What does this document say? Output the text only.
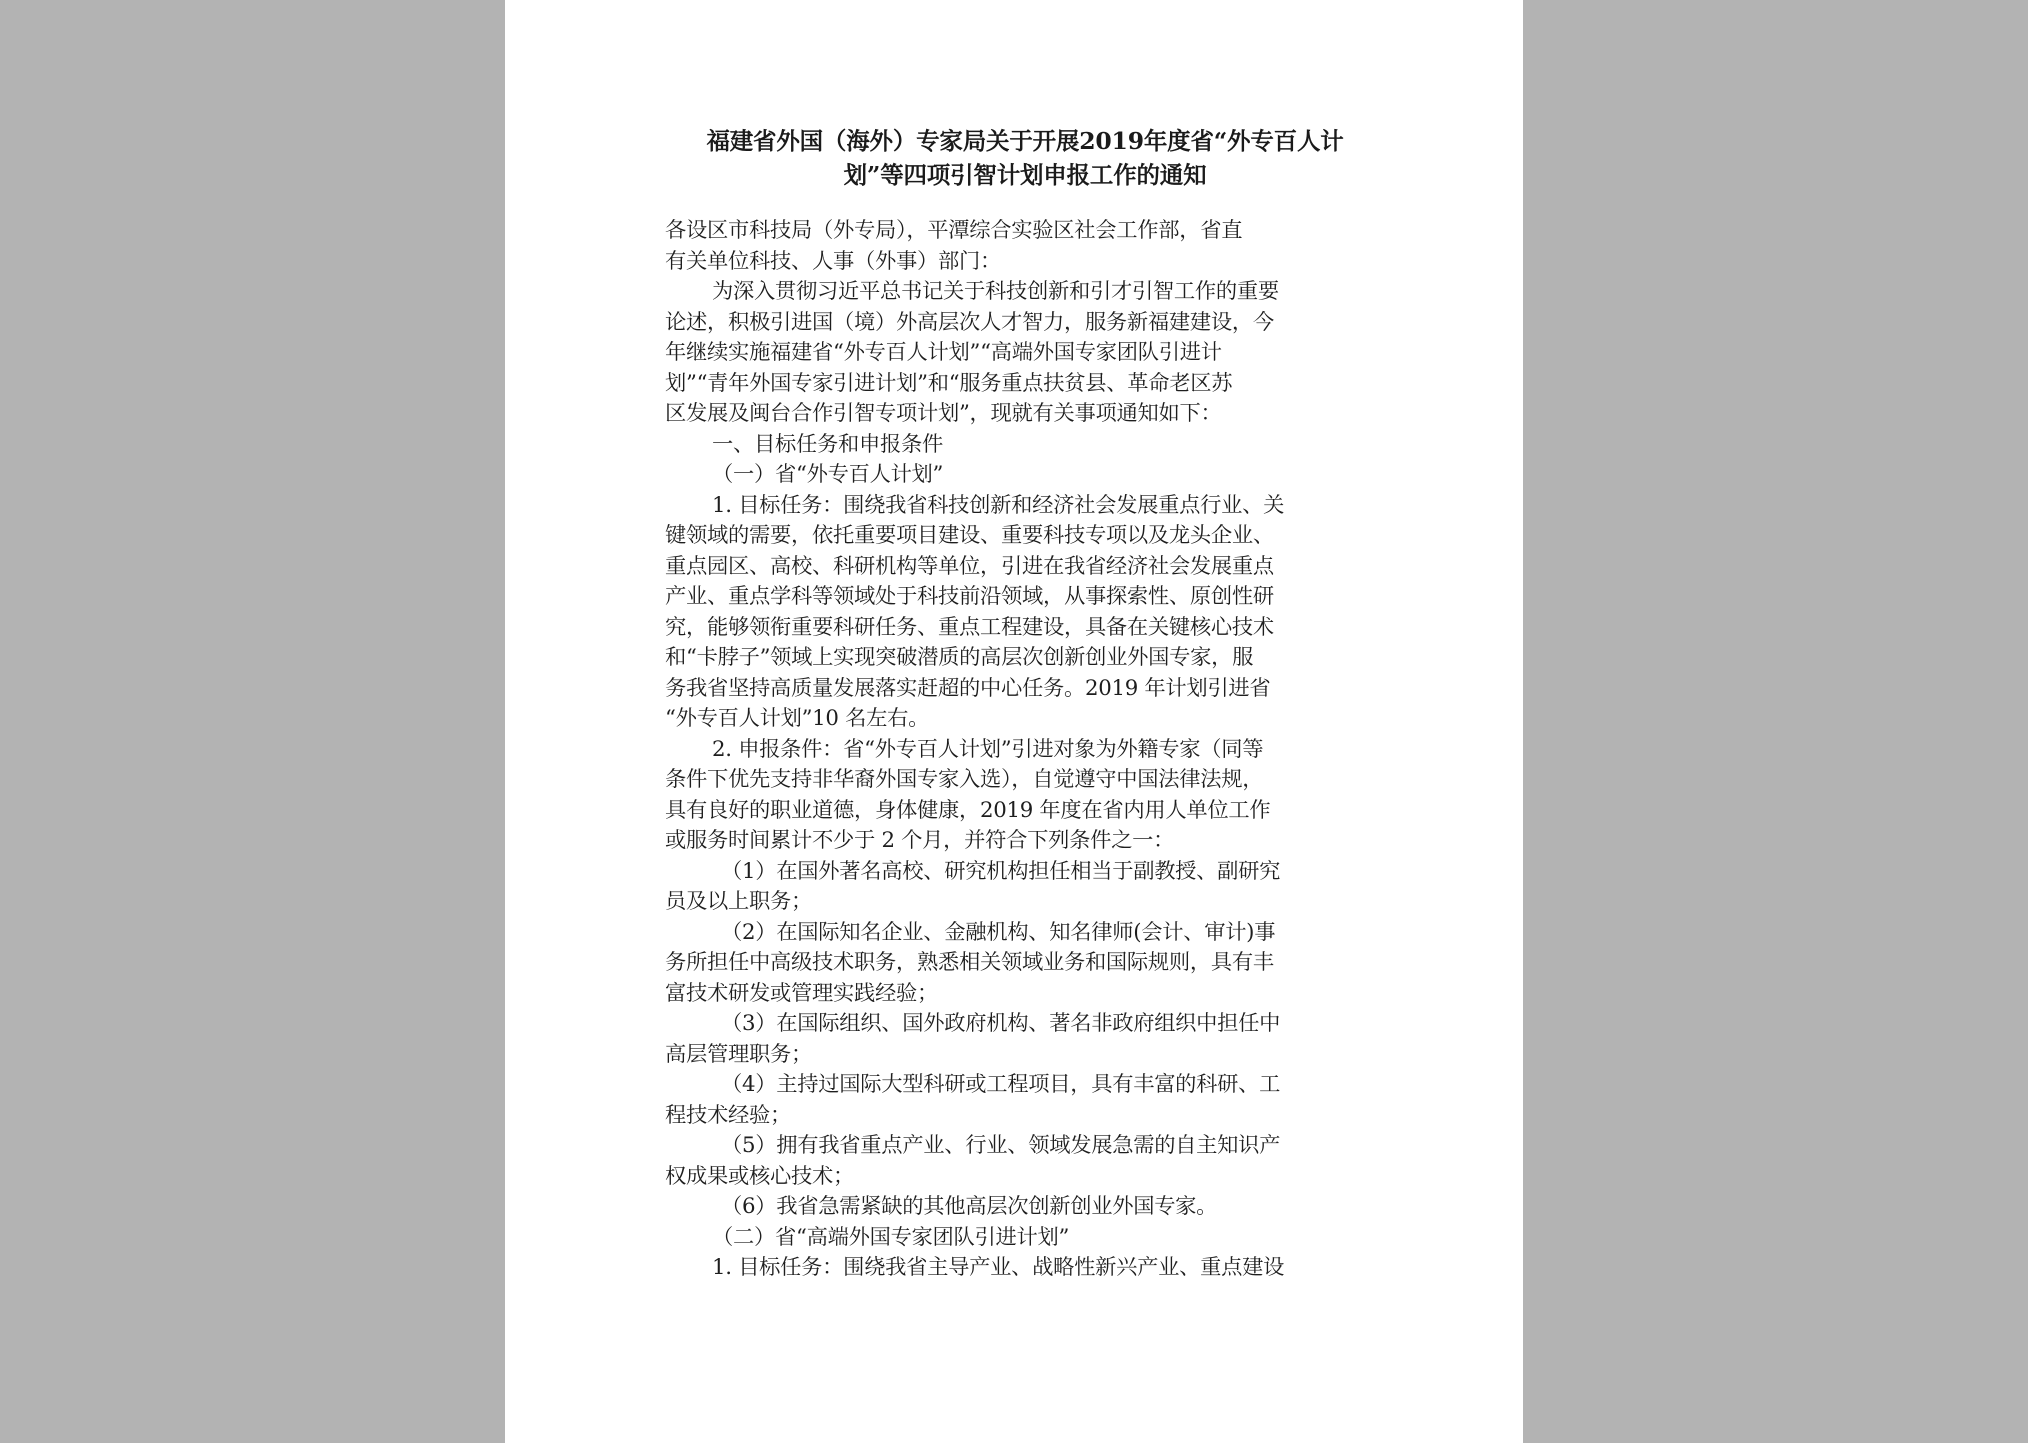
福建省外国（海外）专家局关于开展2019年度省“外专百人计
划”等四项引智计划申报工作的通知
各设区市科技局（外专局），平潭综合实验区社会工作部，省直
有关单位科技、人事（外事）部门：
为深入贯彻习近平总书记关于科技创新和引才引智工作的重要
论述，积极引进国（境）外高层次人才智力，服务新福建建设，今
年继续实施福建省“外专百人计划”“高端外国专家团队引进计
划”“青年外国专家引进计划”和“服务重点扶贫县、革命老区苏
区发展及闽台合作引智专项计划”，现就有关事项通知如下：
一、目标任务和申报条件
（一）省“外专百人计划”
1. 目标任务：围绕我省科技创新和经济社会发展重点行业、关
键领域的需要，依托重要项目建设、重要科技专项以及龙头企业、
重点园区、高校、科研机构等单位，引进在我省经济社会发展重点
产业、重点学科等领域处于科技前沿领域，从事探索性、原创性研
究，能够领衔重要科研任务、重点工程建设，具备在关键核心技术
和“卡脖子”领域上实现突破潜质的高层次创新创业外国专家，服
务我省坚持高质量发展落实赶超的中心任务。2019 年计划引进省
“外专百人计划”10 名左右。
2. 申报条件：省“外专百人计划”引进对象为外籍专家（同等
条件下优先支持非华裔外国专家入选），自觉遵守中国法律法规，
具有良好的职业道德，身体健康，2019 年度在省内用人单位工作
或服务时间累计不少于 2 个月，并符合下列条件之一：
（1）在国外著名高校、研究机构担任相当于副教授、副研究
员及以上职务；
（2）在国际知名企业、金融机构、知名律师(会计、审计)事
务所担任中高级技术职务，熟悉相关领域业务和国际规则，具有丰
富技术研发或管理实践经验；
（3）在国际组织、国外政府机构、著名非政府组织中担任中
高层管理职务；
（4）主持过国际大型科研或工程项目，具有丰富的科研、工
程技术经验；
（5）拥有我省重点产业、行业、领域发展急需的自主知识产
权成果或核心技术；
（6）我省急需紧缺的其他高层次创新创业外国专家。
（二）省“高端外国专家团队引进计划”
1. 目标任务：围绕我省主导产业、战略性新兴产业、重点建设
